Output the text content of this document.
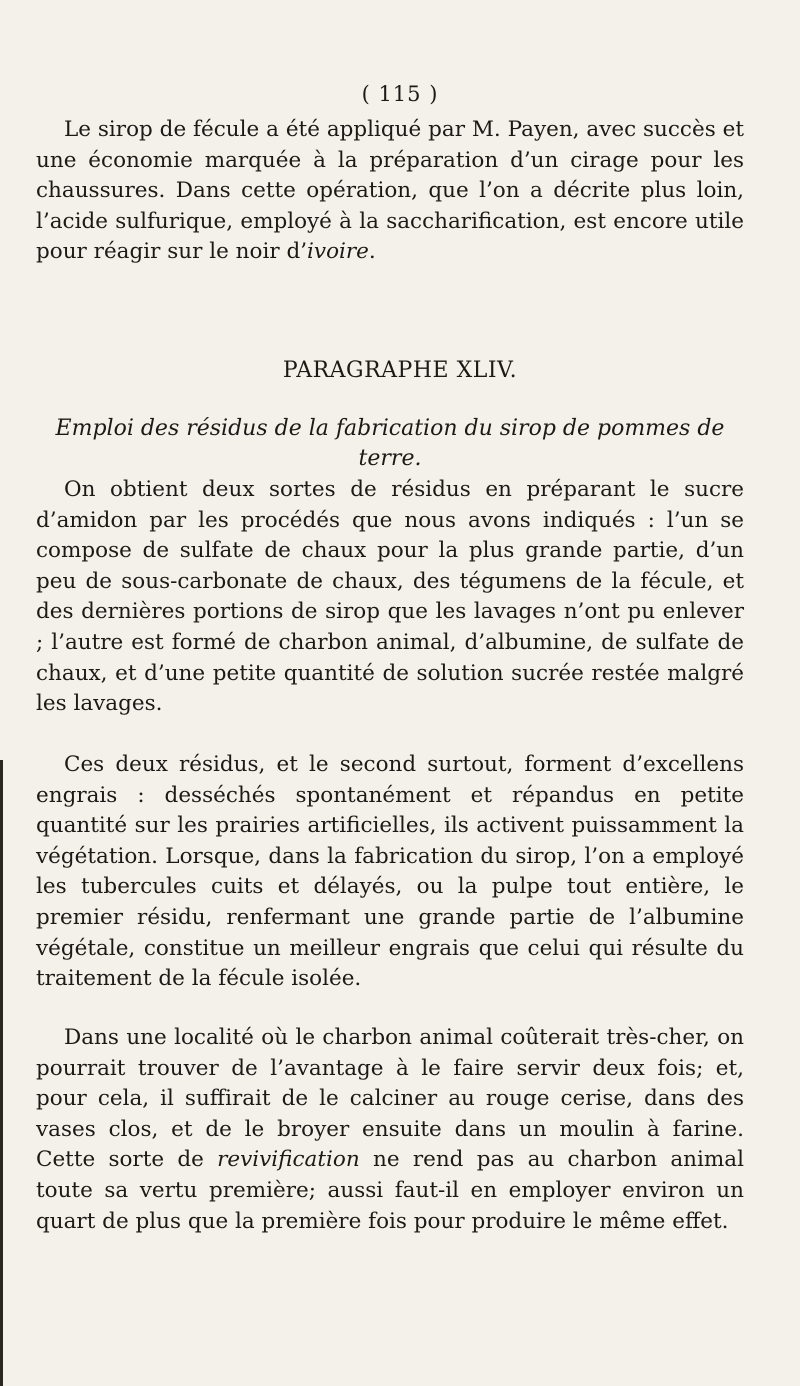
( 115 )

Le sirop de fécule a été appliqué par M. Payen, avec succès et une économie marquée à la préparation d’un cirage pour les chaussures. Dans cette opération, que l’on a décrite plus loin, l’acide sulfurique, employé à la saccharification, est encore utile pour réagir sur le noir d’ivoire.

PARAGRAPHE XLIV.
Emploi des résidus de la fabrication du sirop de pommes de terre.

On obtient deux sortes de résidus en préparant le sucre d’amidon par les procédés que nous avons indiqués : l’un se compose de sulfate de chaux pour la plus grande partie, d’un peu de sous-carbonate de chaux, des tégumens de la fécule, et des dernières portions de sirop que les lavages n’ont pu enlever ; l’autre est formé de charbon animal, d’albumine, de sulfate de chaux, et d’une petite quantité de solution sucrée restée malgré les lavages.

Ces deux résidus, et le second surtout, forment d’excellens engrais : desséchés spontanément et répandus en petite quantité sur les prairies artificielles, ils activent puissamment la végétation. Lorsque, dans la fabrication du sirop, l’on a employé les tubercules cuits et délayés, ou la pulpe tout entière, le premier résidu, renfermant une grande partie de l’albumine végétale, constitue un meilleur engrais que celui qui résulte du traitement de la fécule isolée.

Dans une localité où le charbon animal coûterait très-cher, on pourrait trouver de l’avantage à le faire servir deux fois; et, pour cela, il suffirait de le calciner au rouge cerise, dans des vases clos, et de le broyer ensuite dans un moulin à farine. Cette sorte de revivification ne rend pas au charbon animal toute sa vertu première; aussi faut-il en employer environ un quart de plus que la première fois pour produire le même effet.
